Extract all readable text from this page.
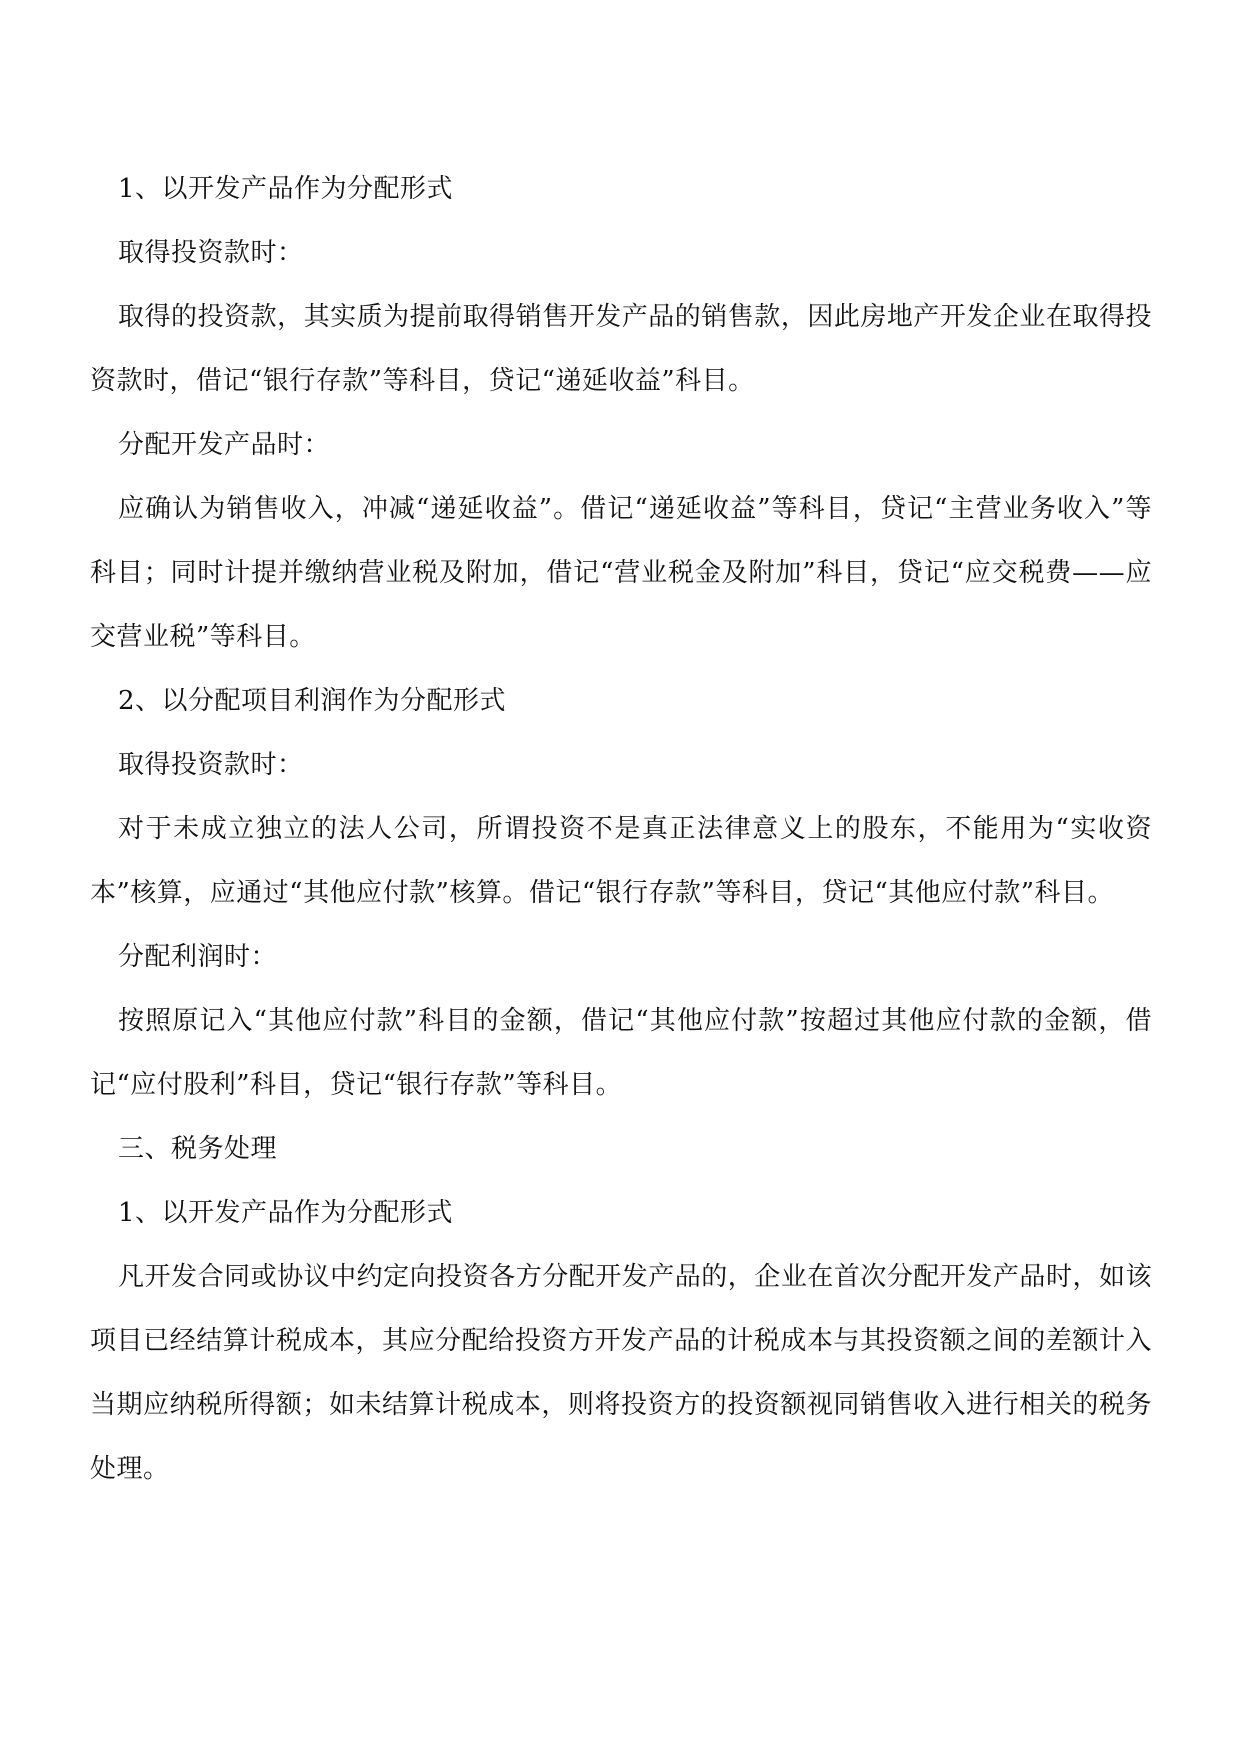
1、以开发产品作为分配形式

取得投资款时：

取得的投资款，其实质为提前取得销售开发产品的销售款，因此房地产开发企业在取得投资款时，借记“银行存款”等科目，贷记“递延收益”科目。

分配开发产品时：

应确认为销售收入，冲减“递延收益”。借记“递延收益”等科目，贷记“主营业务收入”等科目；同时计提并缴纳营业税及附加，借记“营业税金及附加”科目，贷记“应交税费——应交营业税”等科目。

2、以分配项目利润作为分配形式

取得投资款时：

对于未成立独立的法人公司，所谓投资不是真正法律意义上的股东，不能用为“实收资本”核算，应通过“其他应付款”核算。借记“银行存款”等科目，贷记“其他应付款”科目。

分配利润时：

按照原记入“其他应付款”科目的金额，借记“其他应付款”按超过其他应付款的金额，借记“应付股利”科目，贷记“银行存款”等科目。

三、税务处理

1、以开发产品作为分配形式

凡开发合同或协议中约定向投资各方分配开发产品的，企业在首次分配开发产品时，如该项目已经结算计税成本，其应分配给投资方开发产品的计税成本与其投资额之间的差额计入当期应纳税所得额；如未结算计税成本，则将投资方的投资额视同销售收入进行相关的税务处理。
